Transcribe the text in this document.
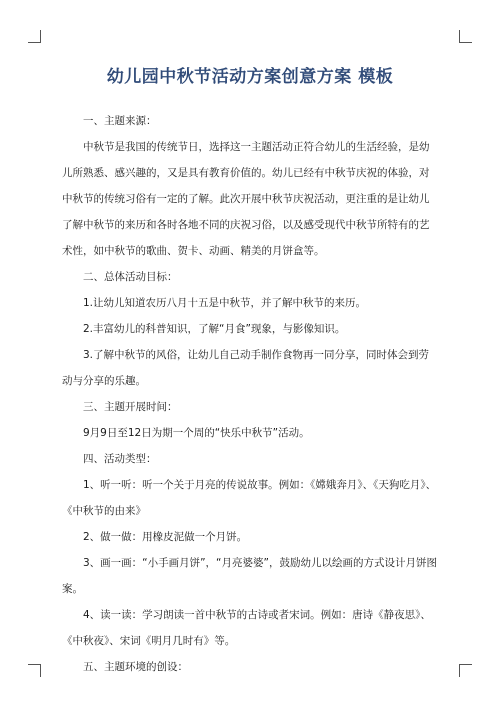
幼儿园中秋节活动方案创意方案 模板

一、主题来源：

中秋节是我国的传统节日，选择这一主题活动正符合幼儿的生活经验，是幼儿所熟悉、感兴趣的，又是具有教育价值的。幼儿已经有中秋节庆祝的体验，对中秋节的传统习俗有一定的了解。此次开展中秋节庆祝活动，更注重的是让幼儿了解中秋节的来历和各时各地不同的庆祝习俗，以及感受现代中秋节所特有的艺术性，如中秋节的歌曲、贺卡、动画、精美的月饼盒等。

二、总体活动目标：

1.让幼儿知道农历八月十五是中秋节，并了解中秋节的来历。

2.丰富幼儿的科普知识，了解“月食”现象，与影像知识。

3.了解中秋节的风俗，让幼儿自己动手制作食物再一同分享，同时体会到劳动与分享的乐趣。

三、主题开展时间：

9月9日至12日为期一个周的“快乐中秋节”活动。

四、活动类型：

1、听一听：听一个关于月亮的传说故事。例如：《嫦娥奔月》、《天狗吃月》、《中秋节的由来》

2、做一做：用橡皮泥做一个月饼。

3、画一画：“小手画月饼”，“月亮婆婆”，鼓励幼儿以绘画的方式设计月饼图案。

4、读一读：学习朗读一首中秋节的古诗或者宋词。例如：唐诗《静夜思》、《中秋夜》、宋词《明月几时有》等。

五、主题环境的创设：
